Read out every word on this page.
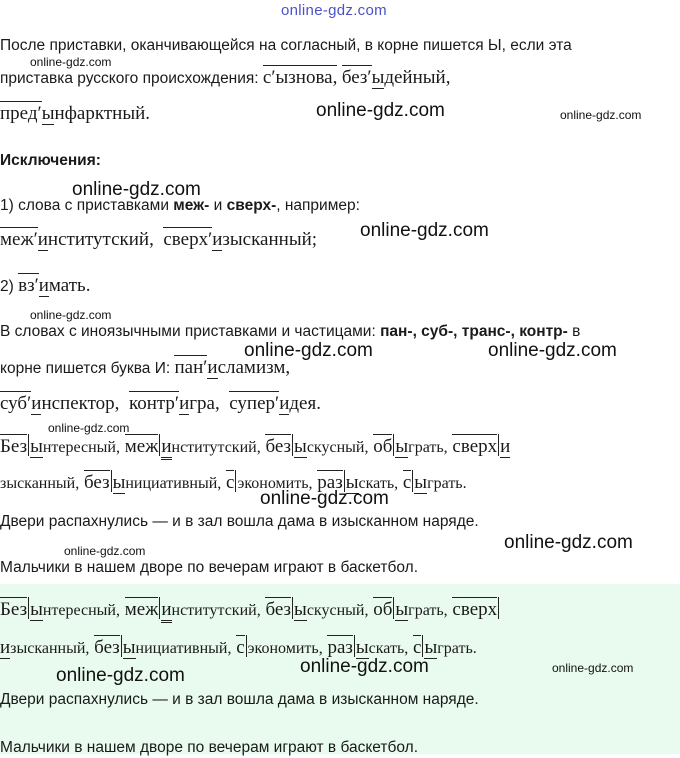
online-gdz.com
После приставки, оканчивающейся на согласный, в корне пишется Ы, если эта
online-gdz.com
приставка русского происхождения: с′ызнова, без′ыдейный,
пред′ынфарктный.	online-gdz.com	online-gdz.com
Исключения:
online-gdz.com
1) слова с приставками меж- и сверх-, например:
меж′институтский, сверх′изысканный; online-gdz.com
2) вз′имать.
online-gdz.com
В словах с иноязычными приставками и частицами: пан-, суб-, транс-, контр- в
online-gdz.com	online-gdz.com
корне пишется буква И: пан′исламизм,
суб′инспектор, контр′игра, супер′идея.
online-gdz.com
Без ынтересный, меж институтский, без ыскусный, об ыграть, сверх и
зысканный, без ынициативный, с экономить, раз ыскать, с ыграть.
online-gdz.com
Двери распахнулись — и в зал вошла дама в изысканном наряде.
online-gdz.com
online-gdz.com
Мальчики в нашем дворе по вечерам играют в баскетбол.
Без ынтересный, меж институтский, без ыскусный, об ыграть, сверх
изысканный, без ынициативный, с экономить, раз ыскать, с ыграть.
online-gdz.com	online-gdz.com	online-gdz.com
Двери распахнулись — и в зал вошла дама в изысканном наряде.
Мальчики в нашем дворе по вечерам играют в баскетбол.
